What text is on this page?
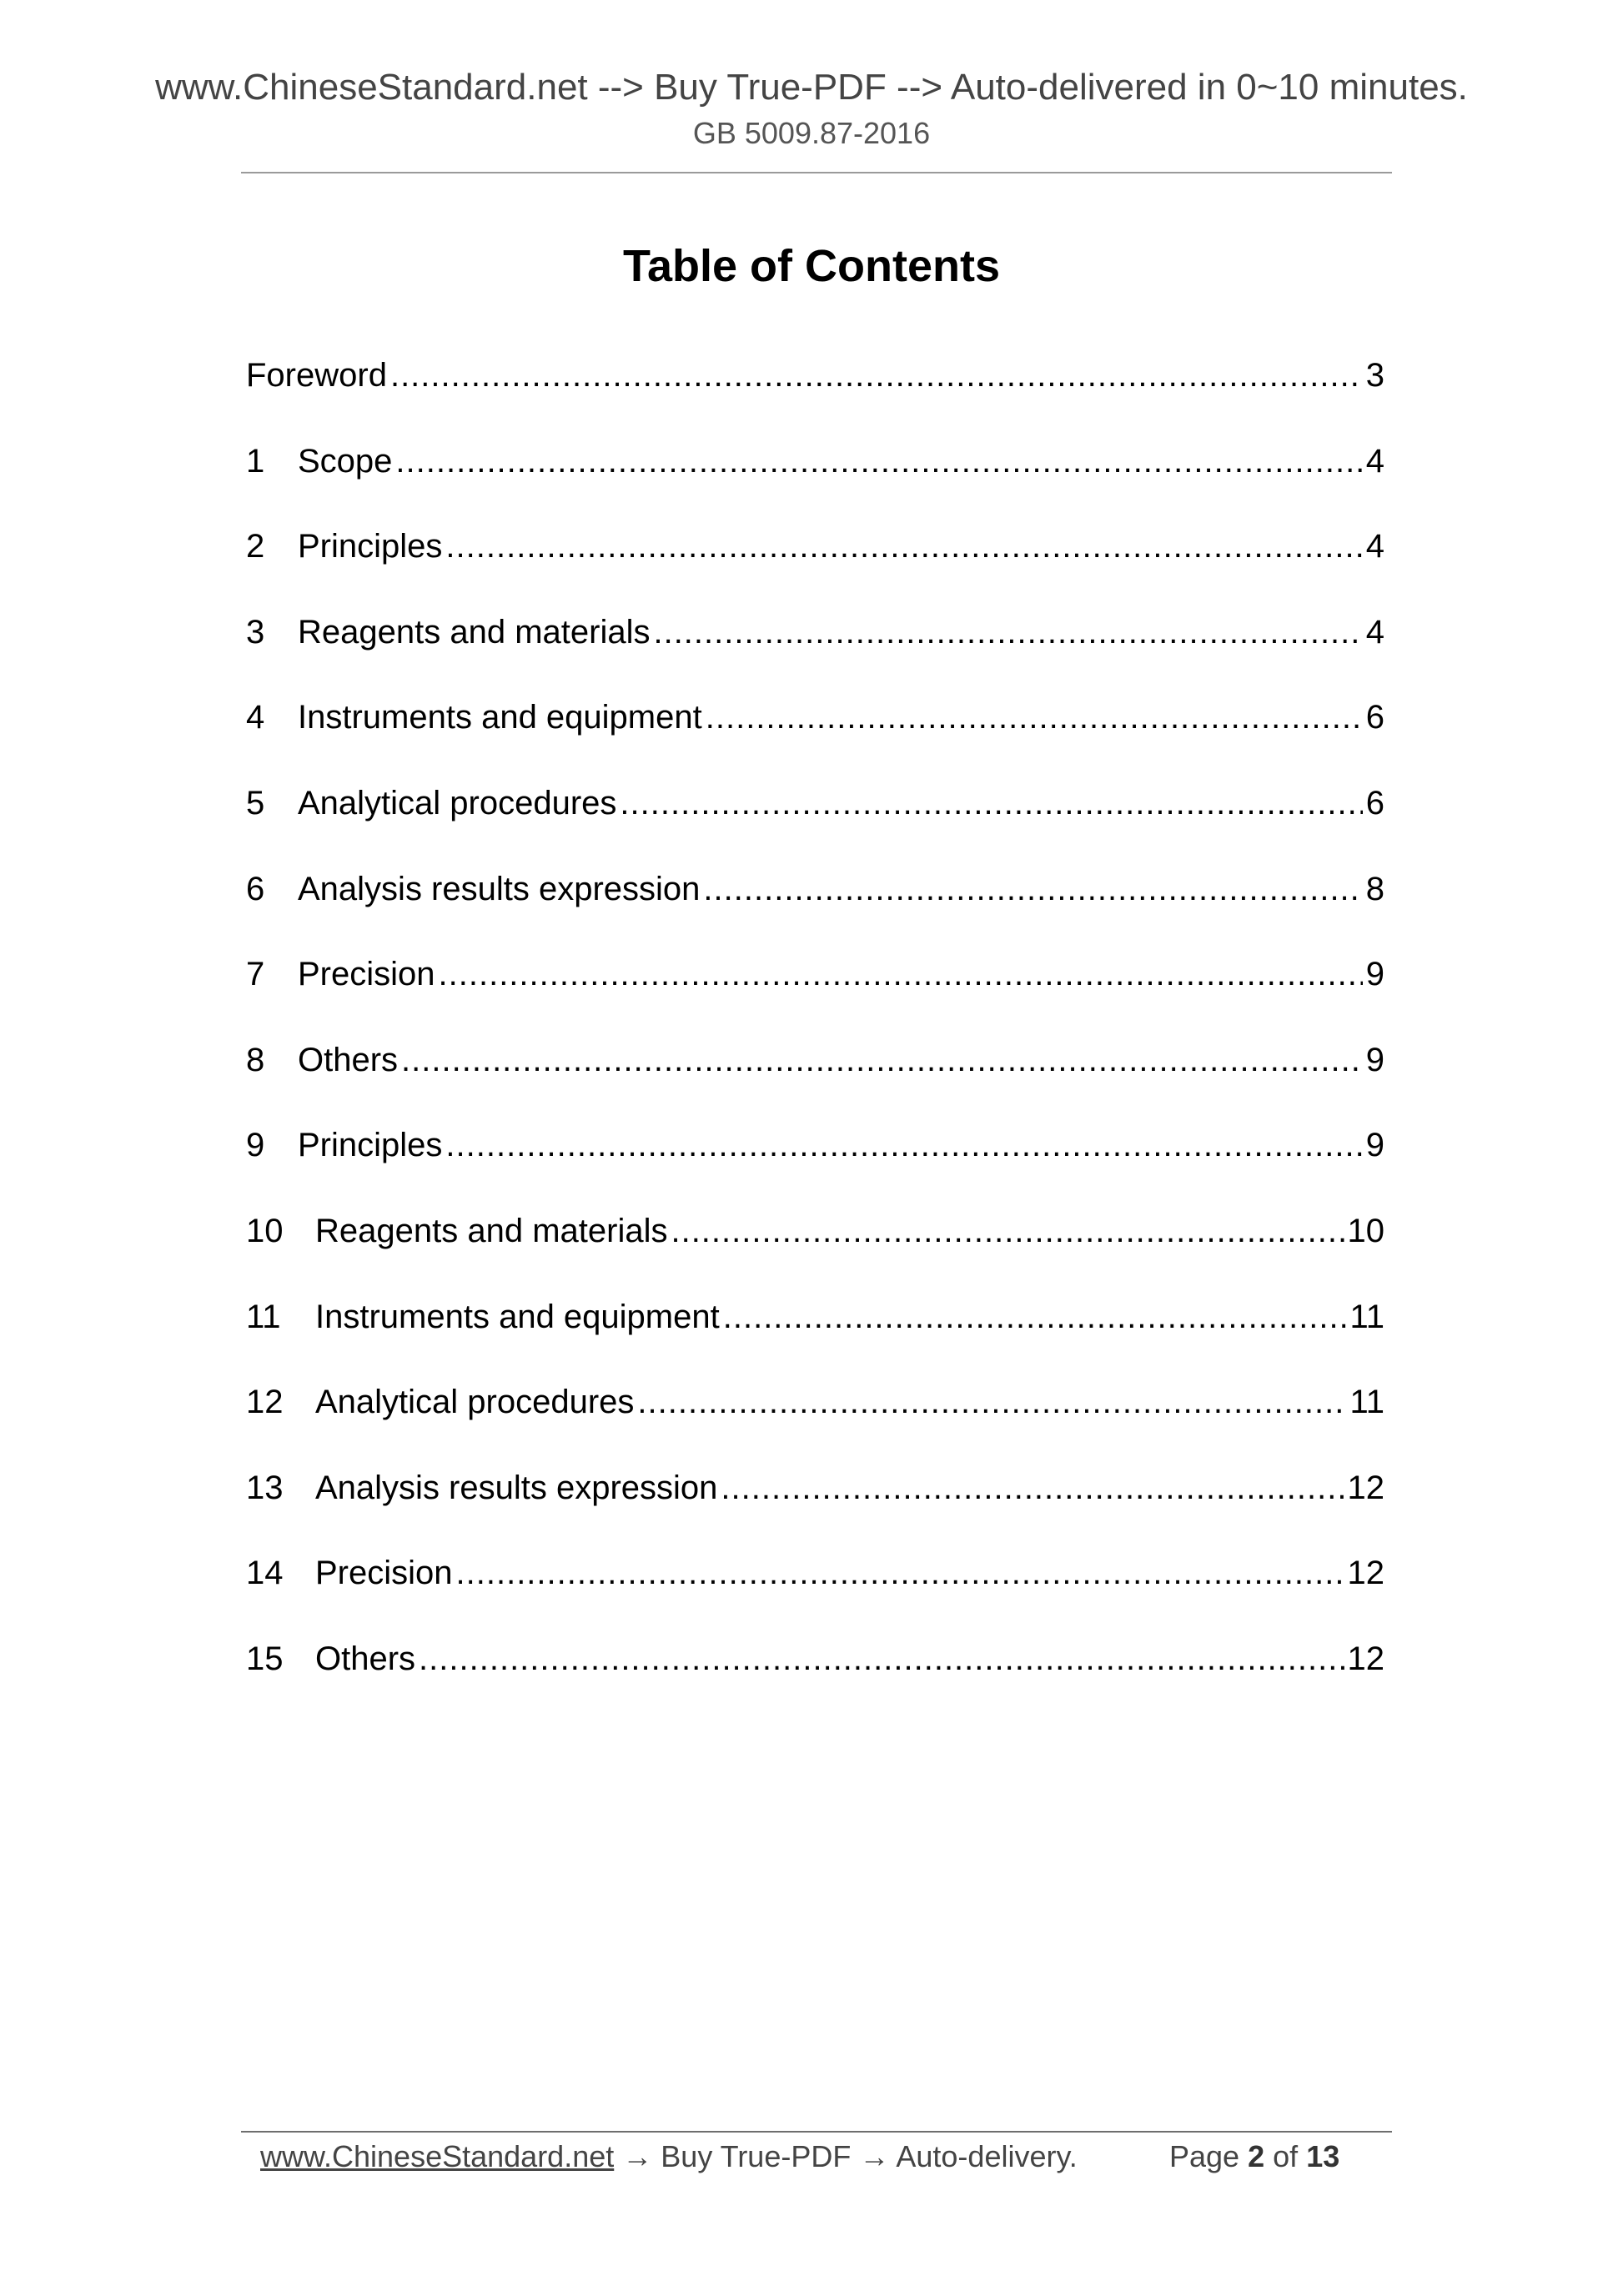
www.ChineseStandard.net --> Buy True-PDF --> Auto-delivered in 0~10 minutes.
GB 5009.87-2016
Table of Contents
Foreword .....	3
1 Scope .....	4
2 Principles .....	4
3 Reagents and materials .....	4
4 Instruments and equipment .....	6
5 Analytical procedures .....	6
6 Analysis results expression .....	8
7 Precision .....	9
8 Others .....	9
9 Principles .....	9
10 Reagents and materials .....	10
11	Instruments and equipment .....	11
12 Analytical procedures .....	11
13 Analysis results expression .....	12
14 Precision .....	12
15 Others .....	12
www.ChineseStandard.net → Buy True-PDF → Auto-delivery.	Page 2 of 13
